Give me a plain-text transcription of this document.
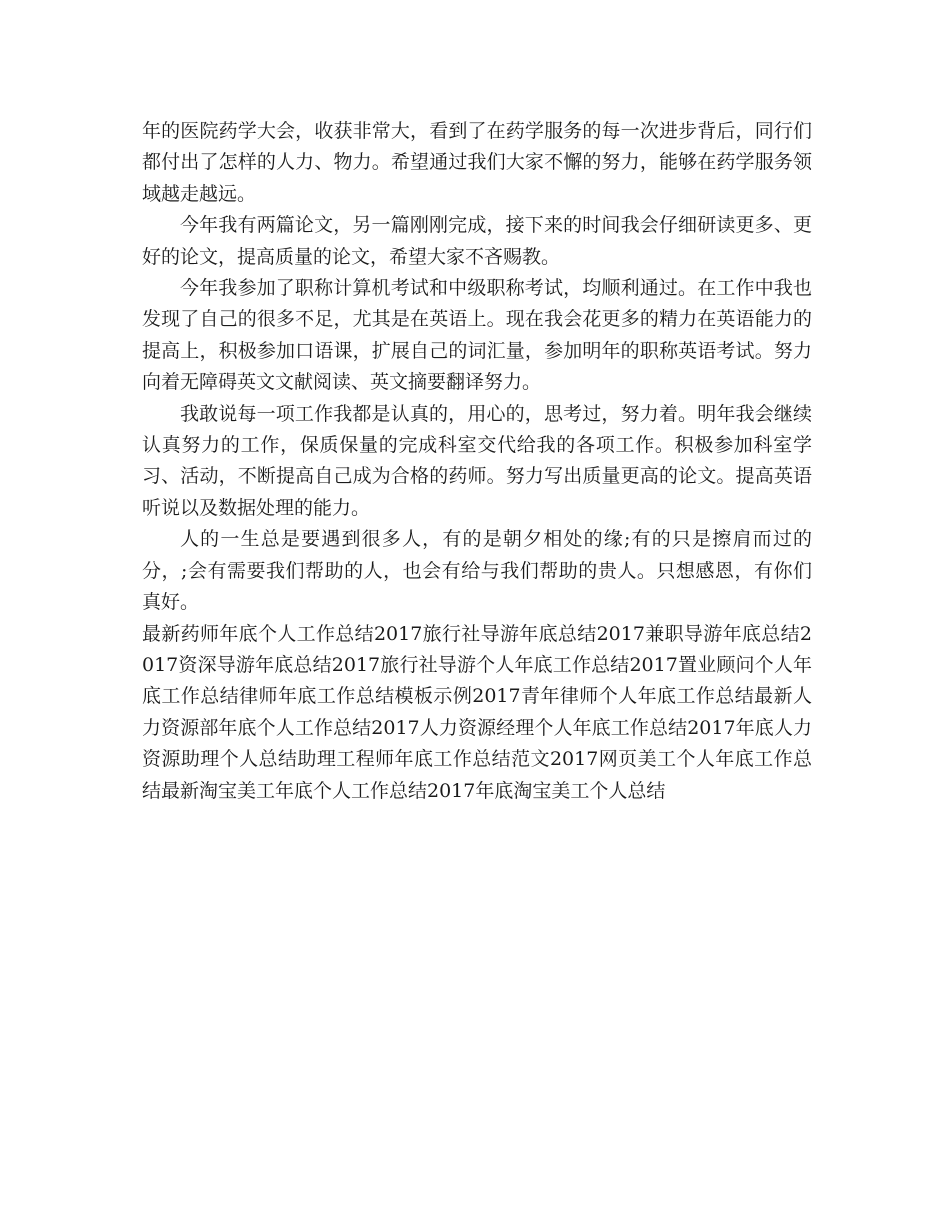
年的医院药学大会，收获非常大，看到了在药学服务的每一次进步背后，同行们都付出了怎样的人力、物力。希望通过我们大家不懈的努力，能够在药学服务领域越走越远。

今年我有两篇论文，另一篇刚刚完成，接下来的时间我会仔细研读更多、更好的论文，提高质量的论文，希望大家不吝赐教。

今年我参加了职称计算机考试和中级职称考试，均顺利通过。在工作中我也发现了自己的很多不足，尤其是在英语上。现在我会花更多的精力在英语能力的提高上，积极参加口语课，扩展自己的词汇量，参加明年的职称英语考试。努力向着无障碍英文文献阅读、英文摘要翻译努力。

我敢说每一项工作我都是认真的，用心的，思考过，努力着。明年我会继续认真努力的工作，保质保量的完成科室交代给我的各项工作。积极参加科室学习、活动，不断提高自己成为合格的药师。努力写出质量更高的论文。提高英语听说以及数据处理的能力。

人的一生总是要遇到很多人，有的是朝夕相处的缘;有的只是擦肩而过的分，;会有需要我们帮助的人，也会有给与我们帮助的贵人。只想感恩，有你们真好。

最新药师年底个人工作总结2017旅行社导游年底总结2017兼职导游年底总结2017资深导游年底总结2017旅行社导游个人年底工作总结2017置业顾问个人年底工作总结律师年底工作总结模板示例2017青年律师个人年底工作总结最新人力资源部年底个人工作总结2017人力资源经理个人年底工作总结2017年底人力资源助理个人总结助理工程师年底工作总结范文2017网页美工个人年底工作总结最新淘宝美工年底个人工作总结2017年底淘宝美工个人总结
